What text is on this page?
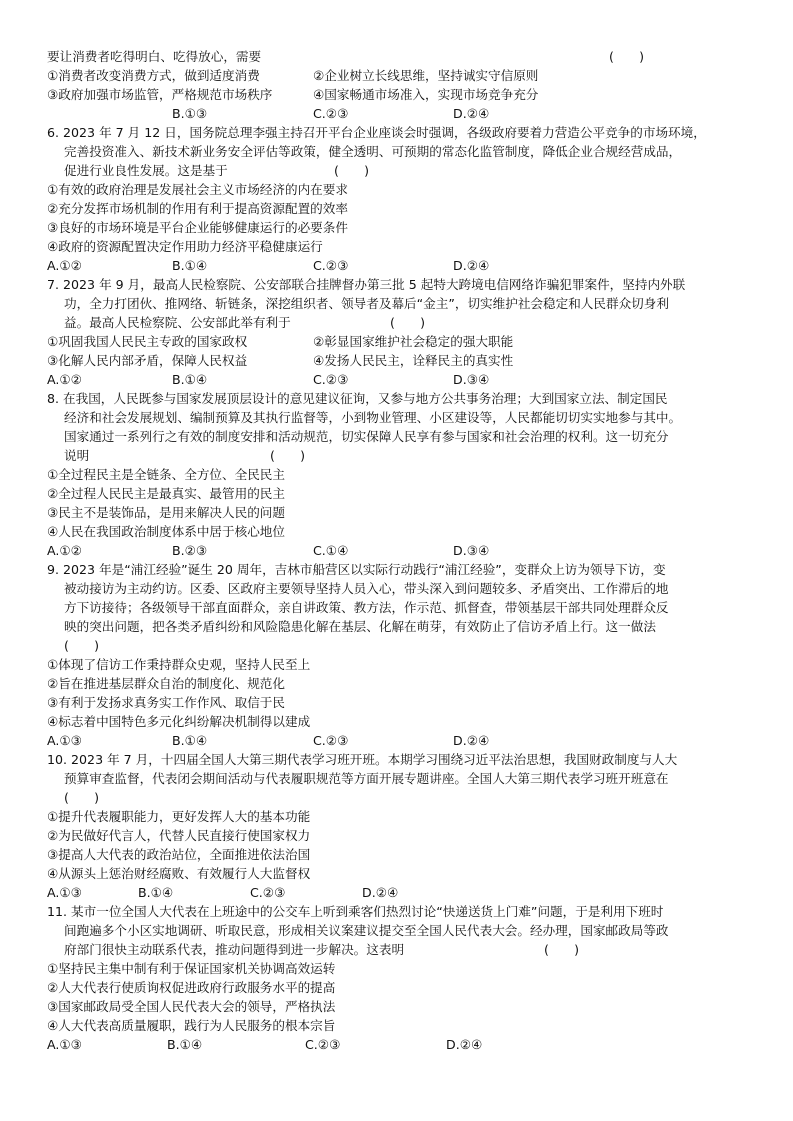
要让消费者吃得明白、吃得放心，需要	(　　)
①消费者改变消费方式，做到适度消费	②企业树立长线思维，坚持诚实守信原则
③政府加强市场监管，严格规范市场秩序	④国家畅通市场准入，实现市场竞争充分
B.①③	C.②③	D.②④
6. 2023 年 7 月 12 日，国务院总理李强主持召开平台企业座谈会时强调，各级政府要着力营造公平竞争的市场环境，
完善投资准入、新技术新业务安全评估等政策，健全透明、可预期的常态化监管制度，降低企业合规经营成品，
促进行业良性发展。这是基于	(　　)
①有效的政府治理是发展社会主义市场经济的内在要求
②充分发挥市场机制的作用有利于提高资源配置的效率
③良好的市场环境是平台企业能够健康运行的必要条件
④政府的资源配置决定作用助力经济平稳健康运行
A.①②	B.①④	C.②③	D.②④
7. 2023 年 9 月，最高人民检察院、公安部联合挂牌督办第三批 5 起特大跨境电信网络诈骗犯罪案件，坚持内外联
功，全力打团伙、推网络、斩链条，深挖组织者、领导者及幕后“金主”，切实维护社会稳定和人民群众切身利
益。最高人民检察院、公安部此举有利于	(　　)
①巩固我国人民民主专政的国家政权	②彰显国家维护社会稳定的强大职能
③化解人民内部矛盾，保障人民权益	④发扬人民民主，诠释民主的真实性
A.①②	B.①④	C.②③	D.③④
8. 在我国，人民既参与国家发展顶层设计的意见建议征询，又参与地方公共事务治理；大到国家立法、制定国民
经济和社会发展规划、编制预算及其执行监督等，小到物业管理、小区建设等，人民都能切切实实地参与其中。
国家通过一系列行之有效的制度安排和活动规范，切实保障人民享有参与国家和社会治理的权利。这一切充分
说明	(　　)
①全过程民主是全链条、全方位、全民民主
②全过程人民民主是最真实、最管用的民主
③民主不是装饰品，是用来解决人民的问题
④人民在我国政治制度体系中居于核心地位
A.①②	B.②③	C.①④	D.③④
9. 2023 年是“浦江经验”诞生 20 周年，吉林市船营区以实际行动践行“浦江经验”，变群众上访为领导下访，变
被动接访为主动约访。区委、区政府主要领导坚持人员入心，带头深入到问题较多、矛盾突出、工作滞后的地
方下访接待；各级领导干部直面群众，亲自讲政策、教方法，作示范、抓督查，带领基层干部共同处理群众反
映的突出问题，把各类矛盾纠纷和风险隐患化解在基层、化解在萌芽，有效防止了信访矛盾上行。这一做法
(　　)
①体现了信访工作秉持群众史观，坚持人民至上
②旨在推进基层群众自治的制度化、规范化
③有利于发扬求真务实工作作风、取信于民
④标志着中国特色多元化纠纷解决机制得以建成
A.①③	B.①④	C.②③	D.②④
10. 2023 年 7 月，十四届全国人大第三期代表学习班开班。本期学习围绕习近平法治思想，我国财政制度与人大
预算审查监督，代表闭会期间活动与代表履职规范等方面开展专题讲座。全国人大第三期代表学习班开班意在
(　　)
①提升代表履职能力，更好发挥人大的基本功能
②为民做好代言人，代替人民直接行使国家权力
③提高人大代表的政治站位，全面推进依法治国
④从源头上惩治财经腐败、有效履行人大监督权
A.①③	B.①④	C.②③	D.②④
11. 某市一位全国人大代表在上班途中的公交车上听到乘客们热烈讨论“快递送货上门难”问题，于是利用下班时
间跑遍多个小区实地调研、听取民意，形成相关议案建议提交至全国人民代表大会。经办理，国家邮政局等政
府部门很快主动联系代表，推动问题得到进一步解决。这表明	(　　)
①坚持民主集中制有利于保证国家机关协调高效运转
②人大代表行使质询权促进政府行政服务水平的提高
③国家邮政局受全国人民代表大会的领导，严格执法
④人大代表高质量履职，践行为人民服务的根本宗旨
A.①③	B.①④	C.②③	D.②④
